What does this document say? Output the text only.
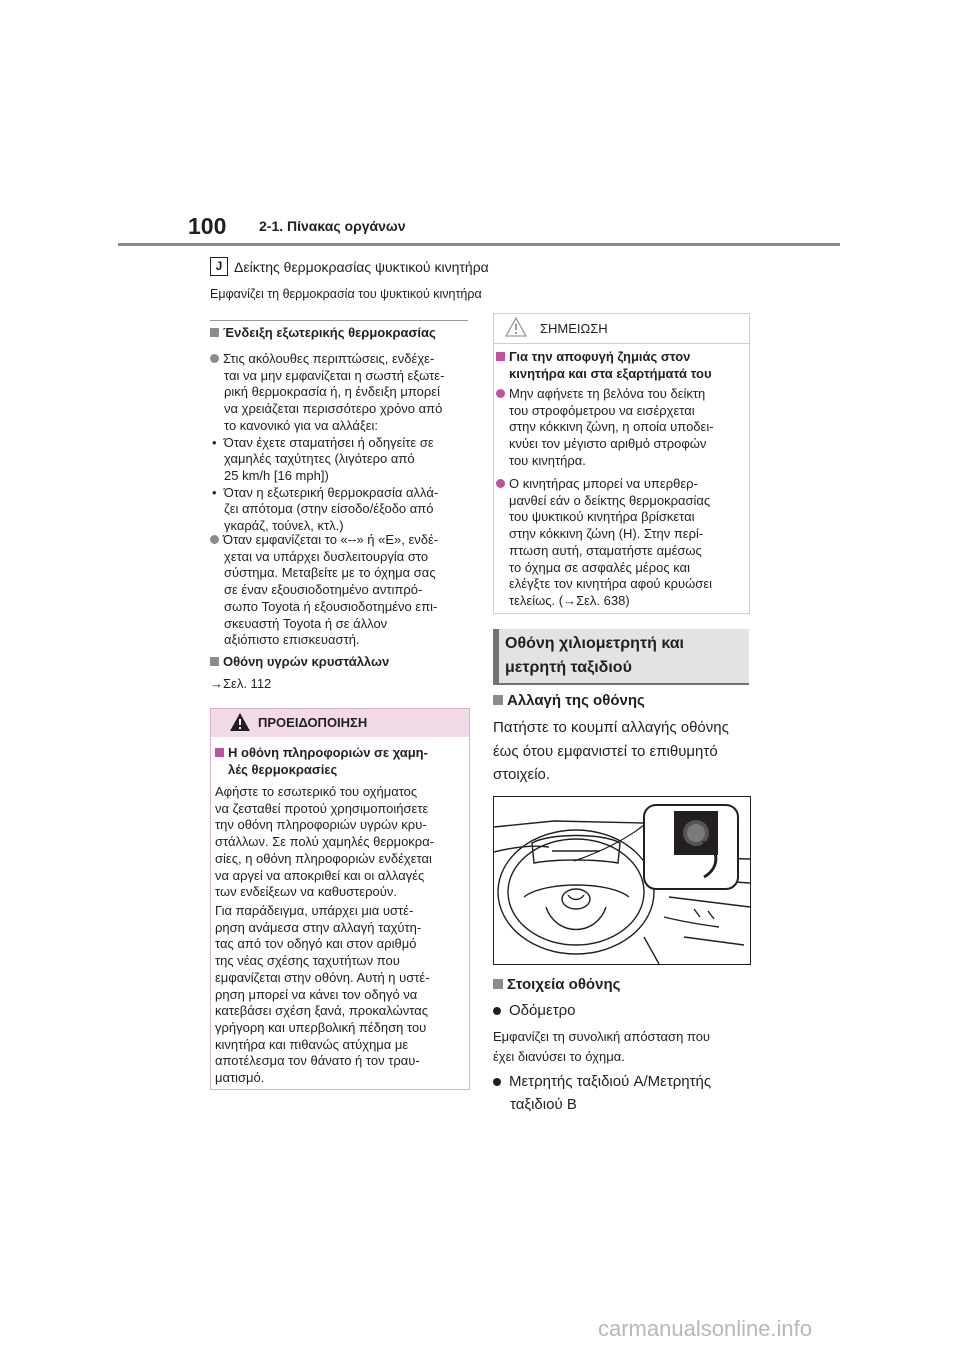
100 2-1. Πίνακας οργάνων
J Δείκτης θερμοκρασίας ψυκτικού κινητήρα
Εμφανίζει τη θερμοκρασία του ψυκτικού κινητήρα
Ένδειξη εξωτερικής θερμοκρασίας
Στις ακόλουθες περιπτώσεις, ενδέχε-
ται να μην εμφανίζεται η σωστή εξωτε-
ρική θερμοκρασία ή, η ένδειξη μπορεί
να χρειάζεται περισσότερο χρόνο από
το κανονικό για να αλλάξει:
•  Όταν έχετε σταματήσει ή οδηγείτε σε
χαμηλές ταχύτητες (λιγότερο από
25 km/h [16 mph])
•  Όταν η εξωτερική θερμοκρασία αλλά-
ζει απότομα (στην είσοδο/έξοδο από
γκαράζ, τούνελ, κτλ.)
Όταν εμφανίζεται το «--» ή «E», ενδέ-
χεται να υπάρχει δυσλειτουργία στο
σύστημα. Μεταβείτε με το όχημα σας
σε έναν εξουσιοδοτημένο αντιπρό-
σωπο Toyota ή εξουσιοδοτημένο επι-
σκευαστή Toyota ή σε άλλον
αξιόπιστο επισκευαστή.
Οθόνη υγρών κρυστάλλων
→Σελ. 112
ΠΡΟΕΙΔΟΠΟΙΗΣΗ
Η οθόνη πληροφοριών σε χαμη-
λές θερμοκρασίες
Αφήστε το εσωτερικό του οχήματος
να ζεσταθεί προτού χρησιμοποιήσετε
την οθόνη πληροφοριών υγρών κρυ-
στάλλων. Σε πολύ χαμηλές θερμοκρα-
σίες, η οθόνη πληροφοριών ενδέχεται
να αργεί να αποκριθεί και οι αλλαγές
των ενδείξεων να καθυστερούν.
Για παράδειγμα, υπάρχει μια υστέ-
ρηση ανάμεσα στην αλλαγή ταχύτη-
τας από τον οδηγό και στον αριθμό
της νέας σχέσης ταχυτήτων που
εμφανίζεται στην οθόνη. Αυτή η υστέ-
ρηση μπορεί να κάνει τον οδηγό να
κατεβάσει σχέση ξανά, προκαλώντας
γρήγορη και υπερβολική πέδηση του
κινητήρα και πιθανώς ατύχημα με
αποτέλεσμα τον θάνατο ή τον τραυ-
ματισμό.
ΣΗΜΕΙΩΣΗ
Για την αποφυγή ζημιάς στον
κινητήρα και στα εξαρτήματά του
Μην αφήνετε τη βελόνα του δείκτη
του στροφόμετρου να εισέρχεται
στην κόκκινη ζώνη, η οποία υποδει-
κνύει τον μέγιστο αριθμό στροφών
του κινητήρα.
Ο κινητήρας μπορεί να υπερθερ-
μανθεί εάν ο δείκτης θερμοκρασίας
του ψυκτικού κινητήρα βρίσκεται
στην κόκκινη ζώνη (H). Στην περί-
πτωση αυτή, σταματήστε αμέσως
το όχημα σε ασφαλές μέρος και
ελέγξτε τον κινητήρα αφού κρυώσει
τελείως. (→Σελ. 638)
Οθόνη χιλιομετρητή και
μετρητή ταξιδιού
Αλλαγή της οθόνης
Πατήστε το κουμπί αλλαγής οθόνης
έως ότου εμφανιστεί το επιθυμητό
στοιχείο.
Στοιχεία οθόνης
Οδόμετρο
Εμφανίζει τη συνολική απόσταση που
έχει διανύσει το όχημα.
Μετρητής ταξιδιού A/Μετρητής
ταξιδιού B
carmanualsonline.info
